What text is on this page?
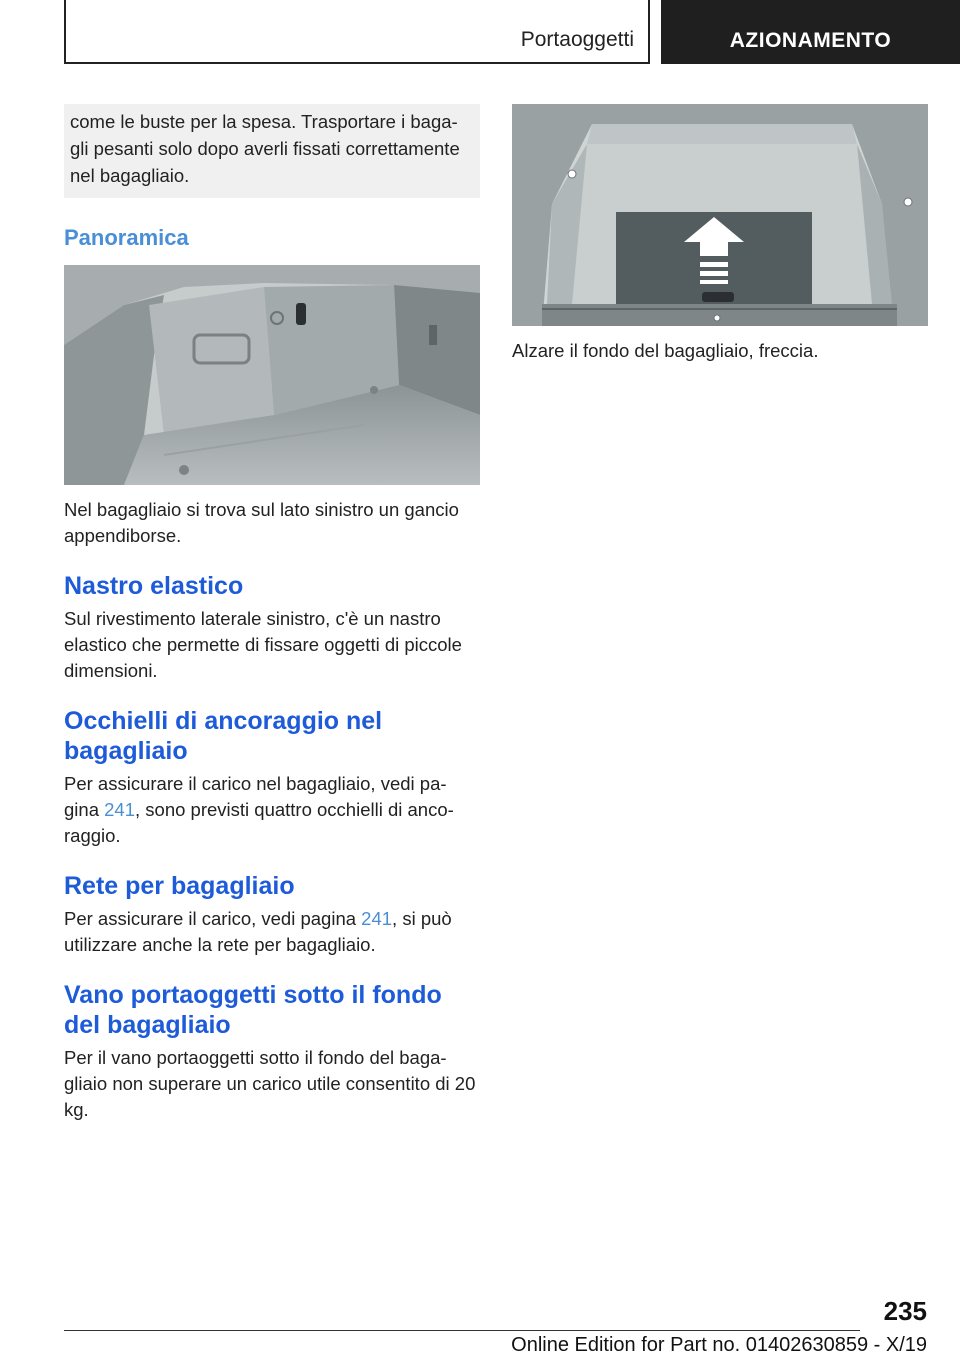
Portaoggetti	AZIONAMENTO
come le buste per la spesa. Trasportare i baga-gli pesanti solo dopo averli fissati correttamente nel bagagliaio.
Panoramica
Nel bagagliaio si trova sul lato sinistro un gancio appendiborse.
Nastro elastico
Sul rivestimento laterale sinistro, c'è un nastro elastico che permette di fissare oggetti di piccole dimensioni.
Occhielli di ancoraggio nel bagagliaio
Per assicurare il carico nel bagagliaio, vedi pa-gina 241, sono previsti quattro occhielli di anco-raggio.
Rete per bagagliaio
Per assicurare il carico, vedi pagina 241, si può utilizzare anche la rete per bagagliaio.
Vano portaoggetti sotto il fondo del bagagliaio
Per il vano portaoggetti sotto il fondo del baga-gliaio non superare un carico utile consentito di 20 kg.
Alzare il fondo del bagagliaio, freccia.
235
Online Edition for Part no. 01402630859 - X/19
